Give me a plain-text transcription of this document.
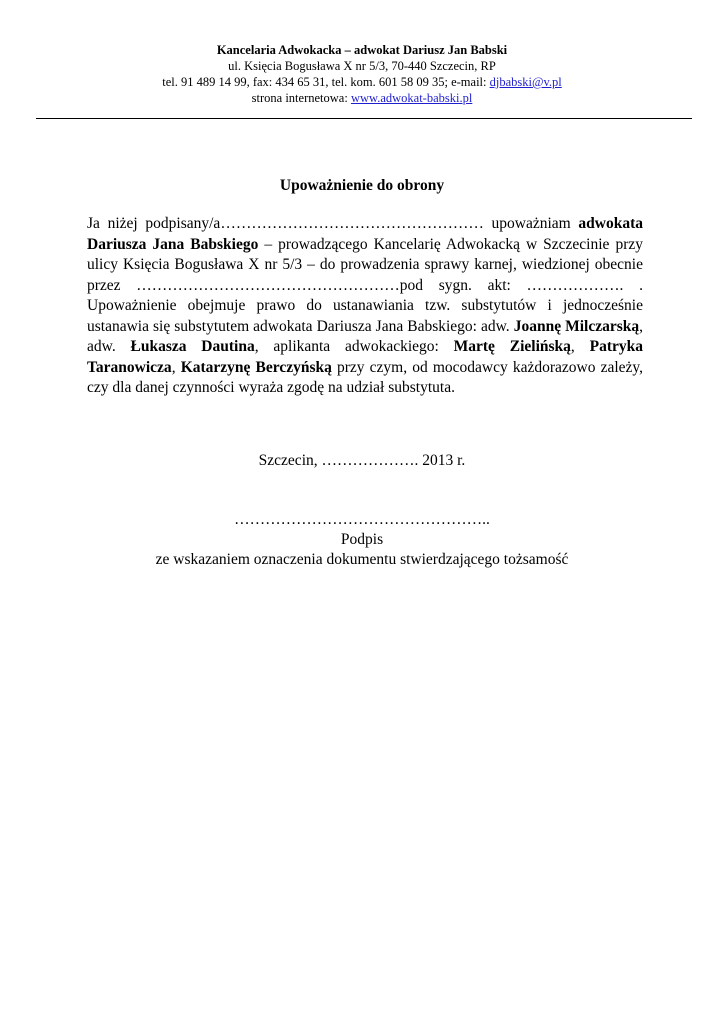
Kancelaria Adwokacka – adwokat Dariusz Jan Babski
ul. Księcia Bogusława X nr 5/3, 70-440 Szczecin, RP
tel. 91 489 14 99, fax: 434 65 31, tel. kom. 601 58 09 35; e-mail: djbabski@v.pl
strona internetowa: www.adwokat-babski.pl
Upoważnienie do obrony
Ja niżej podpisany/a…………………………………………… upoważniam adwokata Dariusza Jana Babskiego – prowadzącego Kancelarię Adwokacką w Szczecinie przy ulicy Księcia Bogusława X nr 5/3 – do prowadzenia sprawy karnej, wiedzionej obecnie przez ……………………………………………pod sygn. akt: ………………. . Upoważnienie obejmuje prawo do ustanawiania tzw. substytutów i jednocześnie ustanawia się substytutem adwokata Dariusza Jana Babskiego: adw. Joannę Milczarską, adw. Łukasza Dautina, aplikanta adwokackiego: Martę Zielińską, Patryka Taranowicza, Katarzynę Berczyńską przy czym, od mocodawcy każdorazowo zależy, czy dla danej czynności wyraża zgodę na udział substytuta.
Szczecin, ………………. 2013 r.
…………………………………………..
Podpis
ze wskazaniem oznaczenia dokumentu stwierdzającego tożsamość
